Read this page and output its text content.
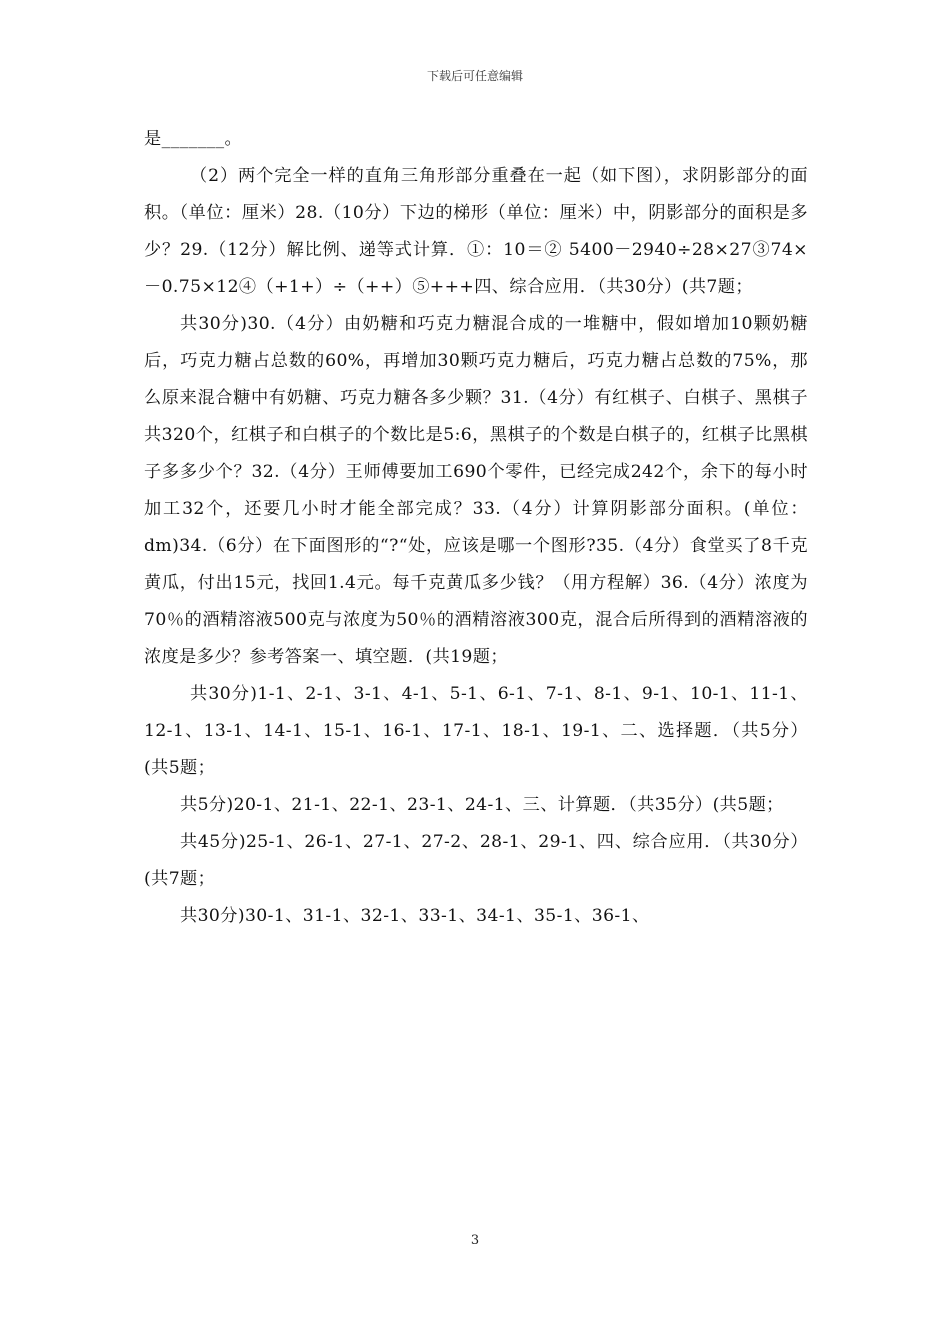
下载后可任意编辑

是_______。

（2）两个完全一样的直角三角形部分重叠在一起（如下图），求阴影部分的面积。（单位：厘米）28.（10分）下边的梯形（单位：厘米）中，阴影部分的面积是多少？29.（12分）解比例、递等式计算．①：10＝② 5400－2940÷28×27③74×－0.75×12④（+1+）÷（++）⑤+++四、综合应用．（共30分）(共7题；

共30分)30.（4分）由奶糖和巧克力糖混合成的一堆糖中，假如增加10颗奶糖后，巧克力糖占总数的60%，再增加30颗巧克力糖后，巧克力糖占总数的75%，那么原来混合糖中有奶糖、巧克力糖各多少颗？31.（4分）有红棋子、白棋子、黑棋子共320个，红棋子和白棋子的个数比是5:6，黑棋子的个数是白棋子的，红棋子比黑棋子多多少个？32.（4分）王师傅要加工690个零件，已经完成242个，余下的每小时加工32个，还要几小时才能全部完成？33.（4分）计算阴影部分面积。(单位：dm)34.（6分）在下面图形的“?“处，应该是哪一个图形?35.（4分）食堂买了8千克黄瓜，付出15元，找回1.4元。每千克黄瓜多少钱？（用方程解）36.（4分）浓度为70％的酒精溶液500克与浓度为50％的酒精溶液300克，混合后所得到的酒精溶液的浓度是多少？参考答案一、填空题．(共19题；

共30分)1-1、2-1、3-1、4-1、5-1、6-1、7-1、8-1、9-1、10-1、11-1、12-1、13-1、14-1、15-1、16-1、17-1、18-1、19-1、二、选择题．（共5分）(共5题；

共5分)20-1、21-1、22-1、23-1、24-1、三、计算题．（共35分）(共5题；

共45分)25-1、26-1、27-1、27-2、28-1、29-1、四、综合应用．（共30分）(共7题；

共30分)30-1、31-1、32-1、33-1、34-1、35-1、36-1、

3
